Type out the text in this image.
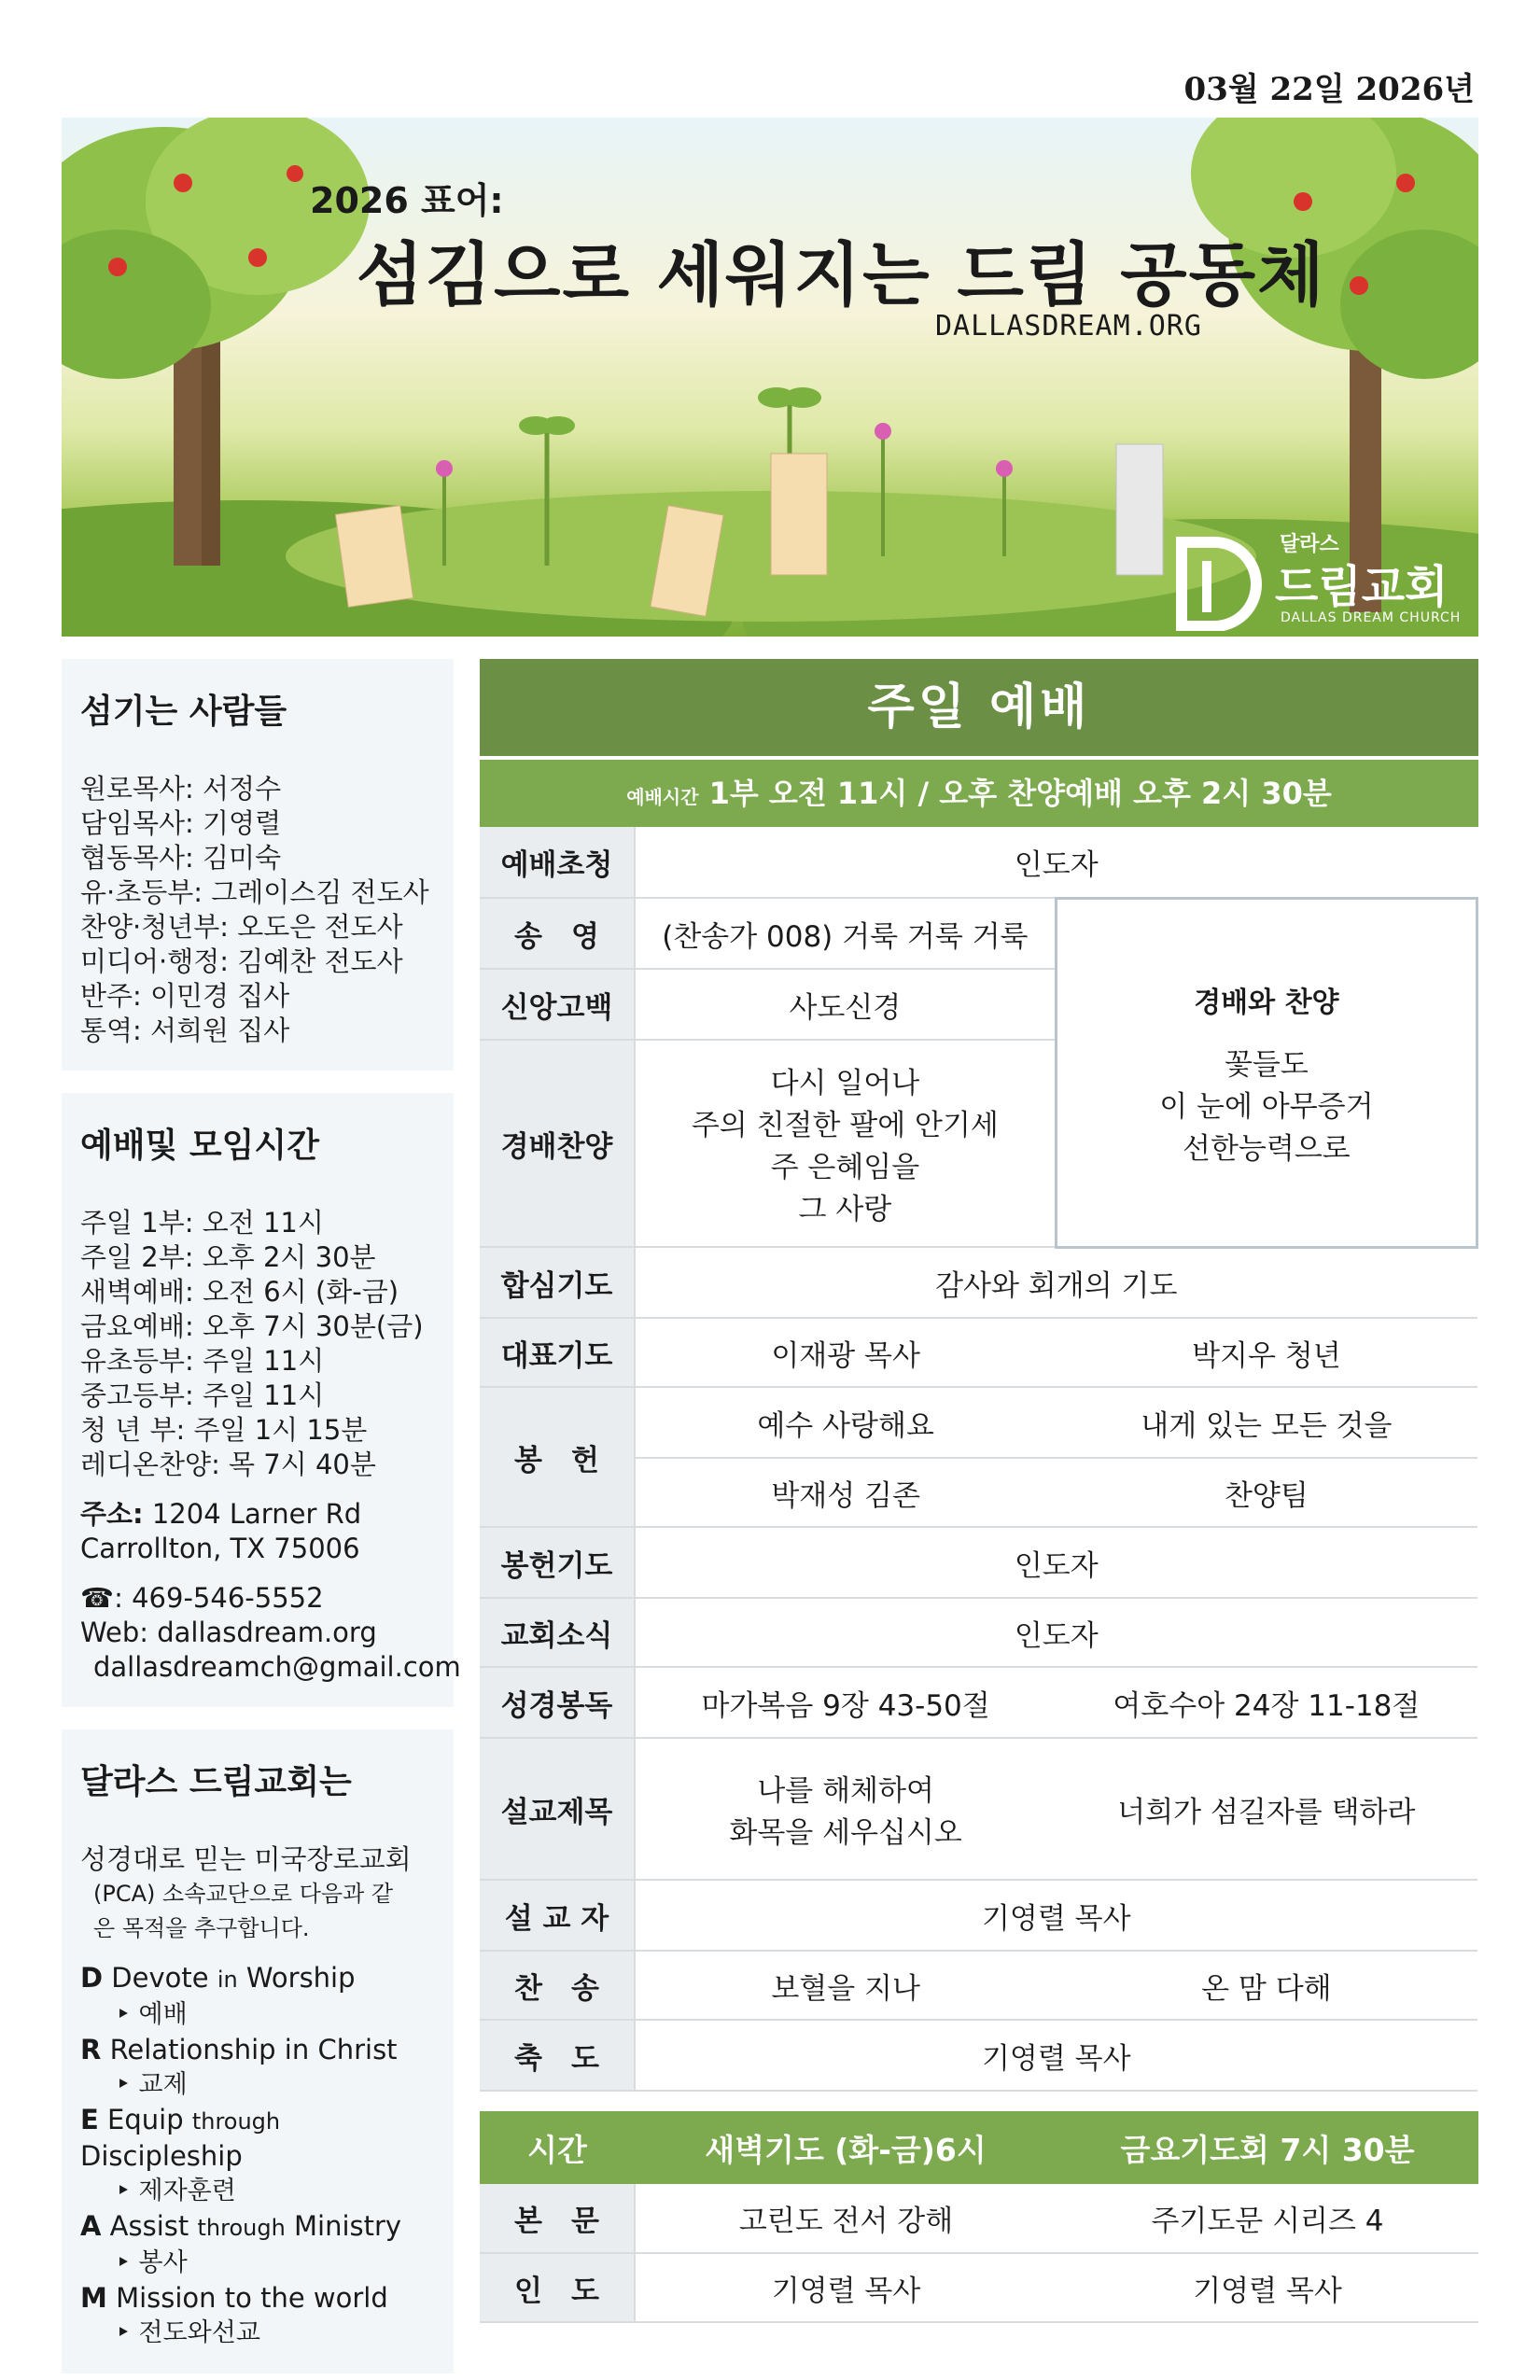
03월 22일 2026년
2026 표어:
섬김으로 세워지는 드림 공동체
DALLASDREAM.ORG
달라스
드림교회
DALLAS DREAM CHURCH
섬기는 사람들
원로목사: 서정수
담임목사: 기영렬
협동목사: 김미숙
유·초등부: 그레이스김 전도사
찬양·청년부: 오도은 전도사
미디어·행정: 김예찬 전도사
반주: 이민경 집사
통역: 서희원 집사
예배및 모임시간
주일 1부: 오전 11시
주일 2부: 오후 2시 30분
새벽예배: 오전 6시 (화-금)
금요예배: 오후 7시 30분(금)
유초등부: 주일 11시
중고등부: 주일 11시
청 년 부: 주일 1시 15분
레디온찬양: 목 7시 40분
주소: 1204 Larner Rd
Carrollton, TX 75006
☎: 469-546-5552
Web: dallasdream.org
dallasdreamch@gmail.com
달라스 드림교회는
성경대로 믿는 미국장로교회
(PCA) 소속교단으로 다음과 같
은 목적을 추구합니다.
D Devote in Worship
‣ 예배
R Relationship in Christ
‣ 교제
E Equip through Discipleship
‣ 제자훈련
A Assist through Ministry
‣ 봉사
M Mission to the world
‣ 전도와선교
주일 예배
예배시간 1부 오전 11시 / 오후 찬양예배 오후 2시 30분
예배초청	인도자	
송　영	(찬송가 008) 거룩 거룩 거룩	경배와 찬양
꽃들도
이 눈에 아무증거
선한능력으로

신앙고백	사도신경	
경배찬양	다시 일어나
주의 친절한 팔에 안기세
주 은혜임을
그 사랑	

합심기도	감사와 회개의 기도	
대표기도	이재광 목사	박지우 청년
봉　헌	예수 사랑해요	내게 있는 모든 것을
	박재성 김존	찬양팀
봉헌기도	인도자	
교회소식	인도자	
성경봉독	마가복음 9장 43-50절	여호수아 24장 11-18절
설교제목	나를 해체하여
화목을 세우십시오	너희가 섬길자를 택하라
설 교 자	기영렬 목사	
찬　송	보혈을 지나	온 맘 다해
축　도	기영렬 목사	
시간	새벽기도 (화-금)6시	금요기도회 7시 30분
본　문	고린도 전서 강해	주기도문 시리즈 4
인　도	기영렬 목사	기영렬 목사
